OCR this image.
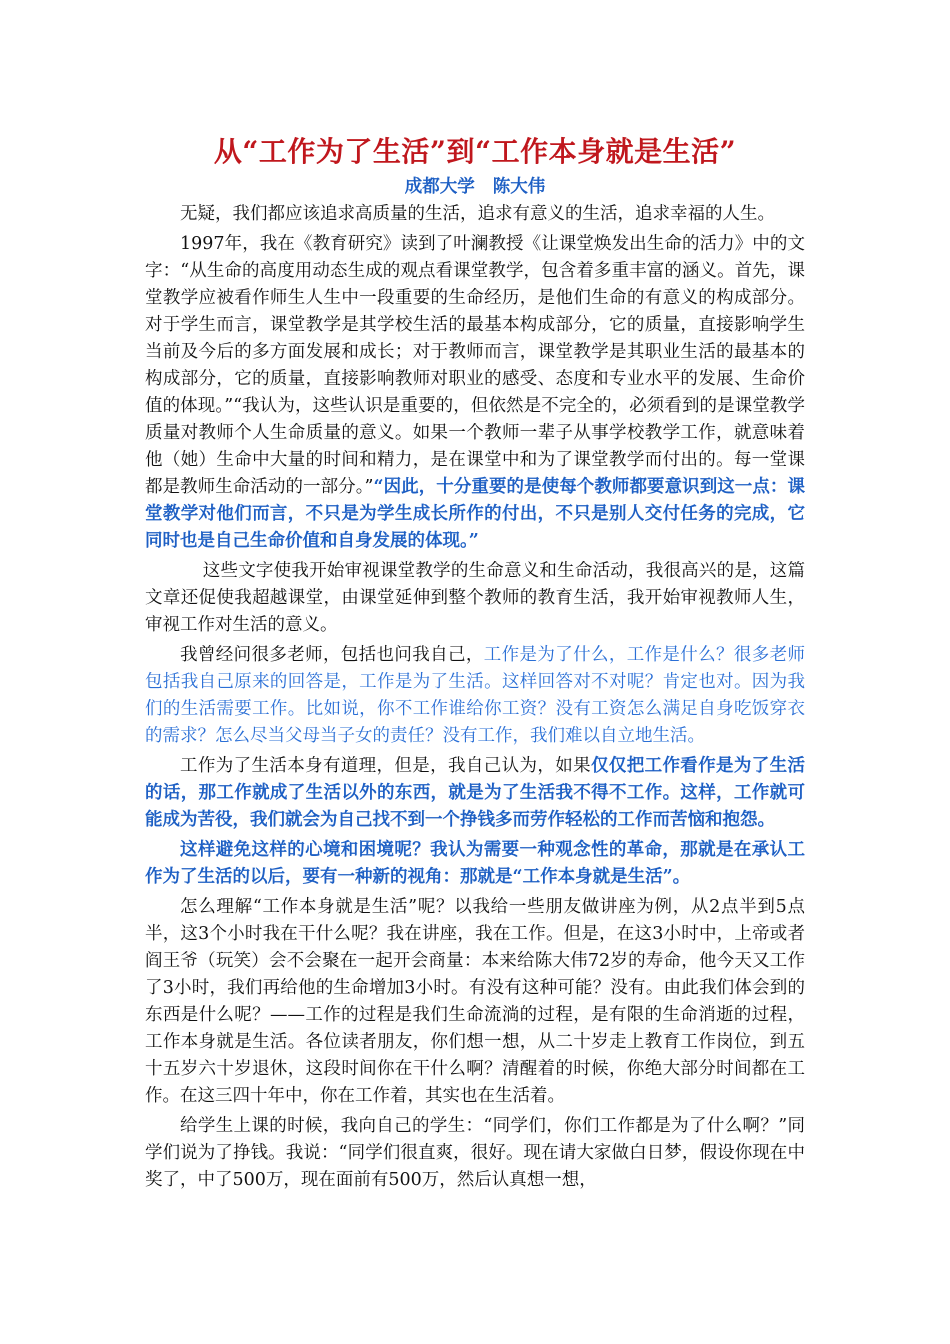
从“工作为了生活”到“工作本身就是生活”
成都大学 陈大伟

无疑，我们都应该追求高质量的生活，追求有意义的生活，追求幸福的人生。

1997年，我在《教育研究》读到了叶澜教授《让课堂焕发出生命的活力》中的文字：“从生命的高度用动态生成的观点看课堂教学，包含着多重丰富的涵义。首先，课堂教学应被看作师生人生中一段重要的生命经历，是他们生命的有意义的构成部分。对于学生而言，课堂教学是其学校生活的最基本构成部分，它的质量，直接影响学生当前及今后的多方面发展和成长；对于教师而言，课堂教学是其职业生活的最基本的构成部分，它的质量，直接影响教师对职业的感受、态度和专业水平的发展、生命价值的体现。”“我认为，这些认识是重要的，但依然是不完全的，必须看到的是课堂教学质量对教师个人生命质量的意义。如果一个教师一辈子从事学校教学工作，就意味着他（她）生命中大量的时间和精力，是在课堂中和为了课堂教学而付出的。每一堂课都是教师生命活动的一部分。”“因此，十分重要的是使每个教师都要意识到这一点：课堂教学对他们而言，不只是为学生成长所作的付出，不只是别人交付任务的完成，它同时也是自己生命价值和自身发展的体现。”

这些文字使我开始审视课堂教学的生命意义和生命活动，我很高兴的是，这篇文章还促使我超越课堂，由课堂延伸到整个教师的教育生活，我开始审视教师人生，审视工作对生活的意义。

我曾经问很多老师，包括也问我自己，工作是为了什么，工作是什么？很多老师包括我自己原来的回答是，工作是为了生活。这样回答对不对呢？肯定也对。因为我们的生活需要工作。比如说，你不工作谁给你工资？没有工资怎么满足自身吃饭穿衣的需求？怎么尽当父母当子女的责任？没有工作，我们难以自立地生活。

工作为了生活本身有道理，但是，我自己认为，如果仅仅把工作看作是为了生活的话，那工作就成了生活以外的东西，就是为了生活我不得不工作。这样，工作就可能成为苦役，我们就会为自己找不到一个挣钱多而劳作轻松的工作而苦恼和抱怨。

这样避免这样的心境和困境呢？我认为需要一种观念性的革命，那就是在承认工作为了生活的以后，要有一种新的视角：那就是“工作本身就是生活”。

怎么理解“工作本身就是生活”呢？以我给一些朋友做讲座为例，从2点半到5点半，这3个小时我在干什么呢？我在讲座，我在工作。但是，在这3小时中，上帝或者阎王爷（玩笑）会不会聚在一起开会商量：本来给陈大伟72岁的寿命，他今天又工作了3小时，我们再给他的生命增加3小时。有没有这种可能？没有。由此我们体会到的东西是什么呢？——工作的过程是我们生命流淌的过程，是有限的生命消逝的过程，工作本身就是生活。各位读者朋友，你们想一想，从二十岁走上教育工作岗位，到五十五岁六十岁退休，这段时间你在干什么啊？清醒着的时候，你绝大部分时间都在工作。在这三四十年中，你在工作着，其实也在生活着。

给学生上课的时候，我向自己的学生：“同学们，你们工作都是为了什么啊？”同学们说为了挣钱。我说：“同学们很直爽，很好。现在请大家做白日梦，假设你现在中奖了，中了500万，现在面前有500万，然后认真想一想，
